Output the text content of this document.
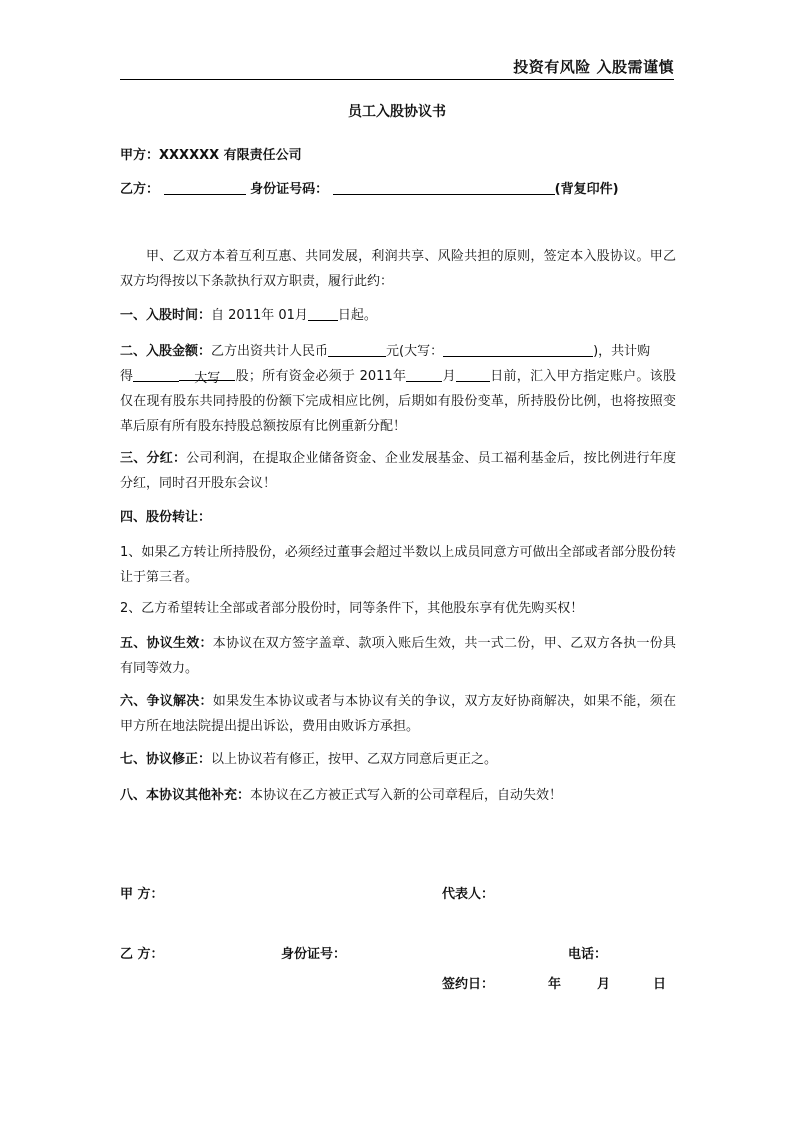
投资有风险 入股需谨慎
员工入股协议书
甲方：XXXXXX 有限责任公司
乙方：	身份证号码：	(背复印件)
甲、乙双方本着互利互惠、共同发展，利润共享、风险共担的原则，签定本入股协议。甲乙双方均得按以下条款执行双方职责，履行此约：
一、入股时间：自 2011年 01月 日起。
二、入股金额：乙方出资共计人民币	元(大写：	)，共计购
得	大写 股；所有资金必须于 2011年	月	日前，汇入甲方指定账户。该股仅在现有股东共同持股的份额下完成相应比例，后期如有股份变革，所持股份比例，也将按照变革后原有所有股东持股总额按原有比例重新分配！
三、分红：公司利润，在提取企业储备资金、企业发展基金、员工福利基金后，按比例进行年度分红，同时召开股东会议！
四、股份转让：
1、如果乙方转让所持股份，必须经过董事会超过半数以上成员同意方可做出全部或者部分股份转让于第三者。
2、乙方希望转让全部或者部分股份时，同等条件下，其他股东享有优先购买权！
五、协议生效：本协议在双方签字盖章、款项入账后生效，共一式二份，甲、乙双方各执一份具有同等效力。
六、争议解决：如果发生本协议或者与本协议有关的争议，双方友好协商解决，如果不能，须在甲方所在地法院提出提出诉讼，费用由败诉方承担。
七、协议修正：以上协议若有修正，按甲、乙双方同意后更正之。
八、本协议其他补充：本协议在乙方被正式写入新的公司章程后，自动失效！
甲 方：	代表人：
乙 方：	身份证号：	电话：
签约日：	年	月	日
